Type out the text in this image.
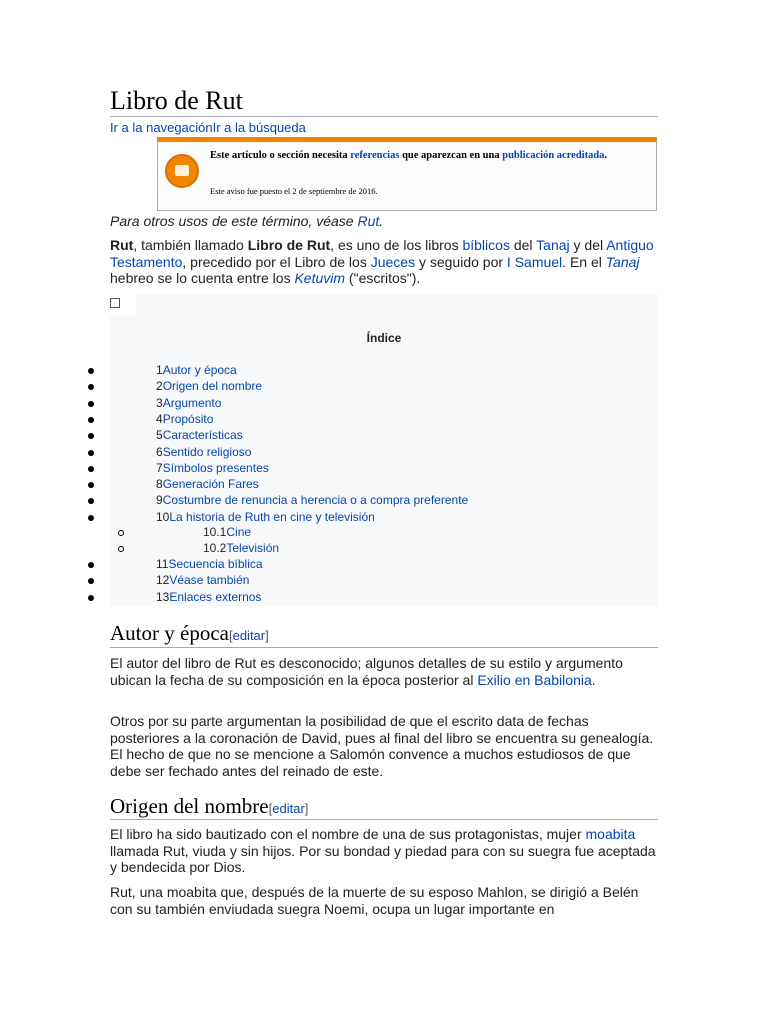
Libro de Rut
Ir a la navegaciónIr a la búsqueda
Este artículo o sección necesita referencias que aparezcan en una publicación acreditada.
Este aviso fue puesto el 2 de septiembre de 2016.
Para otros usos de este término, véase Rut.

Rut, también llamado Libro de Rut, es uno de los libros bíblicos del Tanaj y del Antiguo Testamento, precedido por el Libro de los Jueces y seguido por I Samuel. En el Tanaj hebreo se lo cuenta entre los Ketuvim ("escritos").

Índice
1Autor y época
2Origen del nombre
3Argumento
4Propósito
5Características
6Sentido religioso
7Símbolos presentes
8Generación Fares
9Costumbre de renuncia a herencia o a compra preferente
10La historia de Ruth en cine y televisión
10.1Cine
10.2Televisión
11Secuencia bíblica
12Véase también
13Enlaces externos
Autor y época[editar]

El autor del libro de Rut es desconocido; algunos detalles de su estilo y argumento ubican la fecha de su composición en la época posterior al Exilio en Babilonia.

Otros por su parte argumentan la posibilidad de que el escrito data de fechas posteriores a la coronación de David, pues al final del libro se encuentra su genealogía. El hecho de que no se mencione a Salomón convence a muchos estudiosos de que debe ser fechado antes del reinado de este.

Origen del nombre[editar]

El libro ha sido bautizado con el nombre de una de sus protagonistas, mujer moabita llamada Rut, viuda y sin hijos. Por su bondad y piedad para con su suegra fue aceptada y bendecida por Dios.

Rut, una moabita que, después de la muerte de su esposo Mahlon, se dirigió a Belén con su también enviudada suegra Noemi, ocupa un lugar importante en
